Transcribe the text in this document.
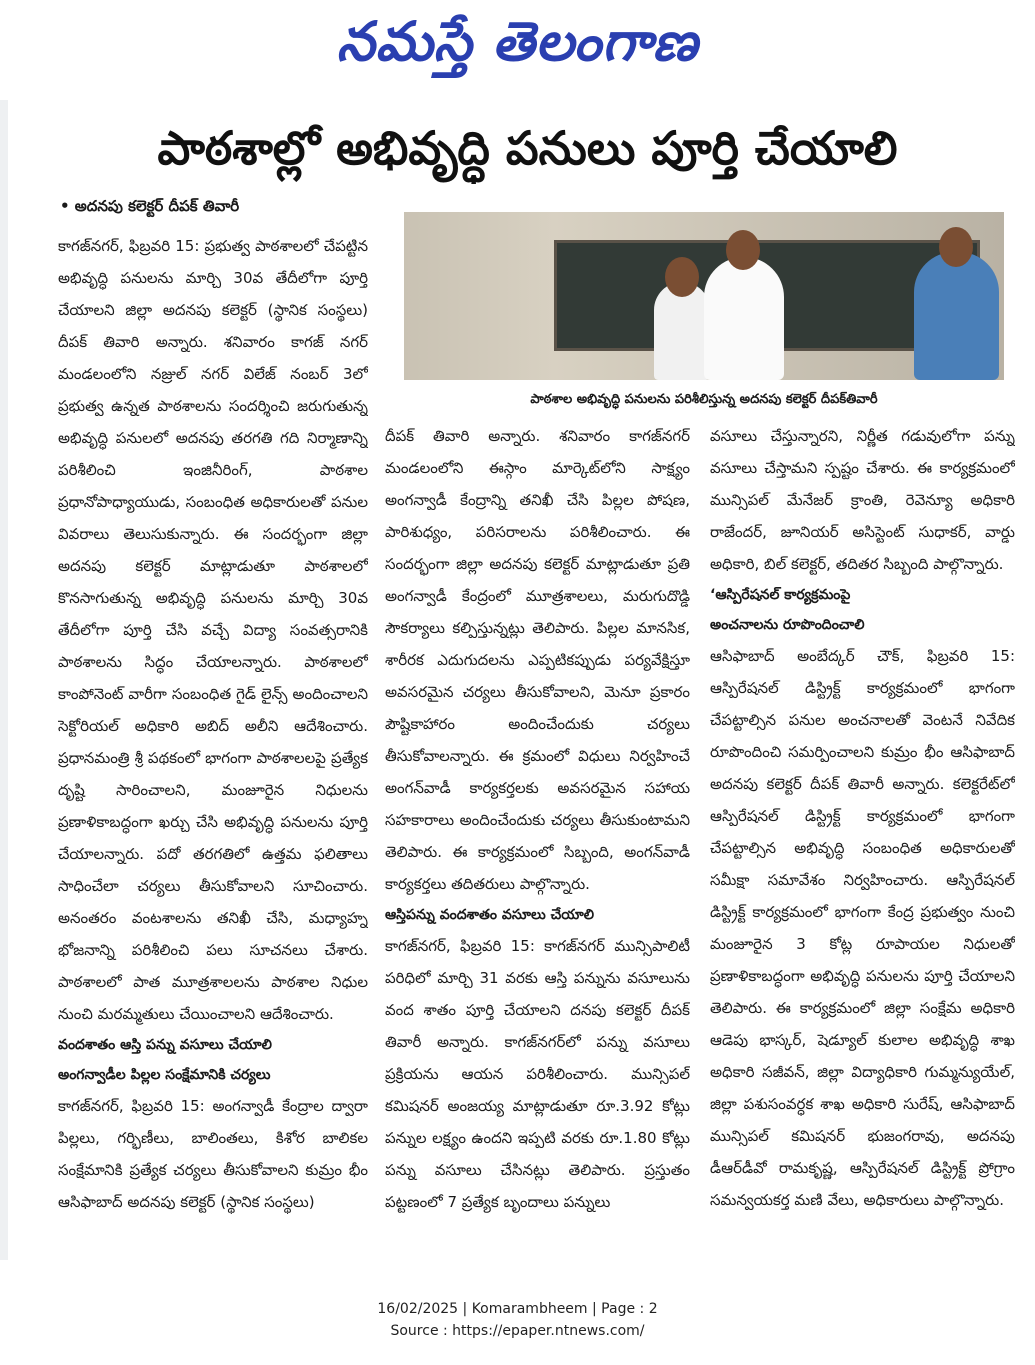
నమస్తే తెలంగాణ
పాఠశాల్లో అభివృద్ధి పనులు పూర్తి చేయాలి
• అదనపు కలెక్టర్ దీపక్ తివారీ
పాఠశాల అభివృద్ధి పనులను పరిశీలిస్తున్న అదనపు కలెక్టర్ దీపక్‌తివారీ

కాగజ్‌నగర్, ఫిబ్రవరి 15: ప్రభుత్వ పాఠశాలలో చేపట్టిన అభివృద్ధి పనులను మార్చి 30వ తేదీలోగా పూర్తి చేయాలని జిల్లా అదనపు కలెక్టర్ (స్థానిక సంస్థలు) దీపక్ తివారి అన్నారు. శనివారం కాగజ్ నగర్ మండలంలోని నజ్రుల్ నగర్ విలేజ్ నంబర్ 3లో ప్రభుత్వ ఉన్నత పాఠశాలను సందర్శించి జరుగుతున్న అభివృద్ధి పనులలో అదనపు తరగతి గది నిర్మాణాన్ని పరిశీలించి ఇంజినీరింగ్, పాఠశాల ప్రధానోపాధ్యాయుడు, సంబంధిత అధికారులతో పనుల వివరాలు తెలుసుకున్నారు. ఈ సందర్భంగా జిల్లా అదనపు కలెక్టర్ మాట్లాడుతూ పాఠశాలలో కొనసాగుతున్న అభివృద్ధి పనులను మార్చి 30వ తేదీలోగా పూర్తి చేసి వచ్చే విద్యా సంవత్సరానికి పాఠశాలను సిద్ధం చేయాలన్నారు. పాఠశాలలో కాంపోనెంట్ వారీగా సంబంధిత గైడ్ లైన్స్ అందించాలని సెక్టోరియల్ అధికారి అబిద్ అలీని ఆదేశించారు. ప్రధానమంత్రి శ్రీ పథకంలో భాగంగా పాఠశాలలపై ప్రత్యేక దృష్టి సారించాలని, మంజూరైన నిధులను ప్రణాళికాబద్ధంగా ఖర్చు చేసి అభివృద్ధి పనులను పూర్తి చేయాలన్నారు. పదో తరగతిలో ఉత్తమ ఫలితాలు సాధించేలా చర్యలు తీసుకోవాలని సూచించారు. అనంతరం వంటశాలను తనిఖీ చేసి, మధ్యాహ్న భోజనాన్ని పరిశీలించి పలు సూచనలు చేశారు. పాఠశాలలో పాత మూత్రశాలలను పాఠశాల నిధుల నుంచి మరమ్మతులు చేయించాలని ఆదేశించారు.

వందశాతం ఆస్తి పన్ను వసూలు చేయాలి

అంగన్వాడీల పిల్లల సంక్షేమానికి చర్యలు

కాగజ్‌నగర్, ఫిబ్రవరి 15: అంగన్వాడీ కేంద్రాల ద్వారా పిల్లలు, గర్భిణీలు, బాలింతలు, కిశోర బాలికల సంక్షేమానికి ప్రత్యేక చర్యలు తీసుకోవాలని కుమ్రం భీం ఆసిఫాబాద్ అదనపు కలెక్టర్ (స్థానిక సంస్థలు)

దీపక్ తివారి అన్నారు. శనివారం కాగజ్‌నగర్ మండలంలోని ఈస్గాం మార్కెట్‌లోని సాక్ష్యం అంగన్వాడీ కేంద్రాన్ని తనిఖీ చేసి పిల్లల పోషణ, పారిశుధ్యం, పరిసరాలను పరిశీలించారు. ఈ సందర్భంగా జిల్లా అదనపు కలెక్టర్ మాట్లాడుతూ ప్రతి అంగన్వాడీ కేంద్రంలో మూత్రశాలలు, మరుగుదొడ్డి సౌకర్యాలు కల్పిస్తున్నట్లు తెలిపారు. పిల్లల మానసిక, శారీరక ఎదుగుదలను ఎప్పటికప్పుడు పర్యవేక్షిస్తూ అవసరమైన చర్యలు తీసుకోవాలని, మెనూ ప్రకారం పౌష్టికాహారం అందించేందుకు చర్యలు తీసుకోవాలన్నారు. ఈ క్రమంలో విధులు నిర్వహించే అంగన్‌వాడీ కార్యకర్తలకు అవసరమైన సహాయ సహకారాలు అందించేందుకు చర్యలు తీసుకుంటామని తెలిపారు. ఈ కార్యక్రమంలో సిబ్బంది, అంగన్‌వాడీ కార్యకర్తలు తదితరులు పాల్గొన్నారు.

ఆస్తిపన్ను వందశాతం వసూలు చేయాలి

కాగజ్‌నగర్, ఫిబ్రవరి 15: కాగజ్‌నగర్ మున్సిపాలిటీ పరిధిలో మార్చి 31 వరకు ఆస్తి పన్నును వసూలును వంద శాతం పూర్తి చేయాలని దనపు కలెక్టర్ దీపక్ తివారీ అన్నారు. కాగజ్‌నగర్‌లో పన్ను వసూలు ప్రక్రియను ఆయన పరిశీలించారు. మున్సిపల్ కమిషనర్ అంజయ్య మాట్లాడుతూ రూ.3.92 కోట్లు పన్నుల లక్ష్యం ఉందని ఇప్పటి వరకు రూ.1.80 కోట్లు పన్ను వసూలు చేసినట్లు తెలిపారు. ప్రస్తుతం పట్టణంలో 7 ప్రత్యేక బృందాలు పన్నులు

వసూలు చేస్తున్నారని, నిర్ణీత గడువులోగా పన్ను వసూలు చేస్తామని స్పష్టం చేశారు. ఈ కార్యక్రమంలో మున్సిపల్ మేనేజర్ క్రాంతి, రెవెన్యూ అధికారి రాజేందర్, జూనియర్ అసిస్టెంట్ సుధాకర్, వార్డు అధికారి, బిల్ కలెక్టర్, తదితర సిబ్బంది పాల్గొన్నారు.

‘ఆస్పిరేషనల్ కార్యక్రమంపై

అంచనాలను రూపొందించాలి

ఆసిఫాబాద్ అంబేద్కర్ చౌక్, ఫిబ్రవరి 15: ఆస్పిరేషనల్ డిస్ట్రిక్ట్ కార్యక్రమంలో భాగంగా చేపట్టాల్సిన పనుల అంచనాలతో వెంటనే నివేదిక రూపొందించి సమర్పించాలని కుమ్రం భీం ఆసిఫాబాద్ అదనపు కలెక్టర్ దీపక్ తివారీ అన్నారు. కలెక్టరేట్‌లో ఆస్పిరేషనల్ డిస్ట్రిక్ట్ కార్యక్రమంలో భాగంగా చేపట్టాల్సిన అభివృద్ధి సంబంధిత అధికారులతో సమీక్షా సమావేశం నిర్వహించారు. ఆస్పిరేషనల్ డిస్ట్రిక్ట్ కార్యక్రమంలో భాగంగా కేంద్ర ప్రభుత్వం నుంచి మంజూరైన 3 కోట్ల రూపాయల నిధులతో ప్రణాళికాబద్ధంగా అభివృద్ధి పనులను పూర్తి చేయాలని తెలిపారు. ఈ కార్యక్రమంలో జిల్లా సంక్షేమ అధికారి ఆడెపు భాస్కర్, షెడ్యూల్ కులాల అభివృద్ధి శాఖ అధికారి సజీవన్, జిల్లా విద్యాధికారి గుమ్మన్యుయేల్, జిల్లా పశుసంవర్ధక శాఖ అధికారి సురేష్, ఆసిఫాబాద్ మున్సిపల్ కమిషనర్ భుజంగరావు, అదనపు డీఆర్‌డీవో రామకృష్ణ, ఆస్పిరేషనల్ డిస్ట్రిక్ట్ ప్రోగ్రాం సమన్వయకర్త మణి వేలు, అధికారులు పాల్గొన్నారు.

16/02/2025 | Komarambheem | Page : 2
Source : https://epaper.ntnews.com/
